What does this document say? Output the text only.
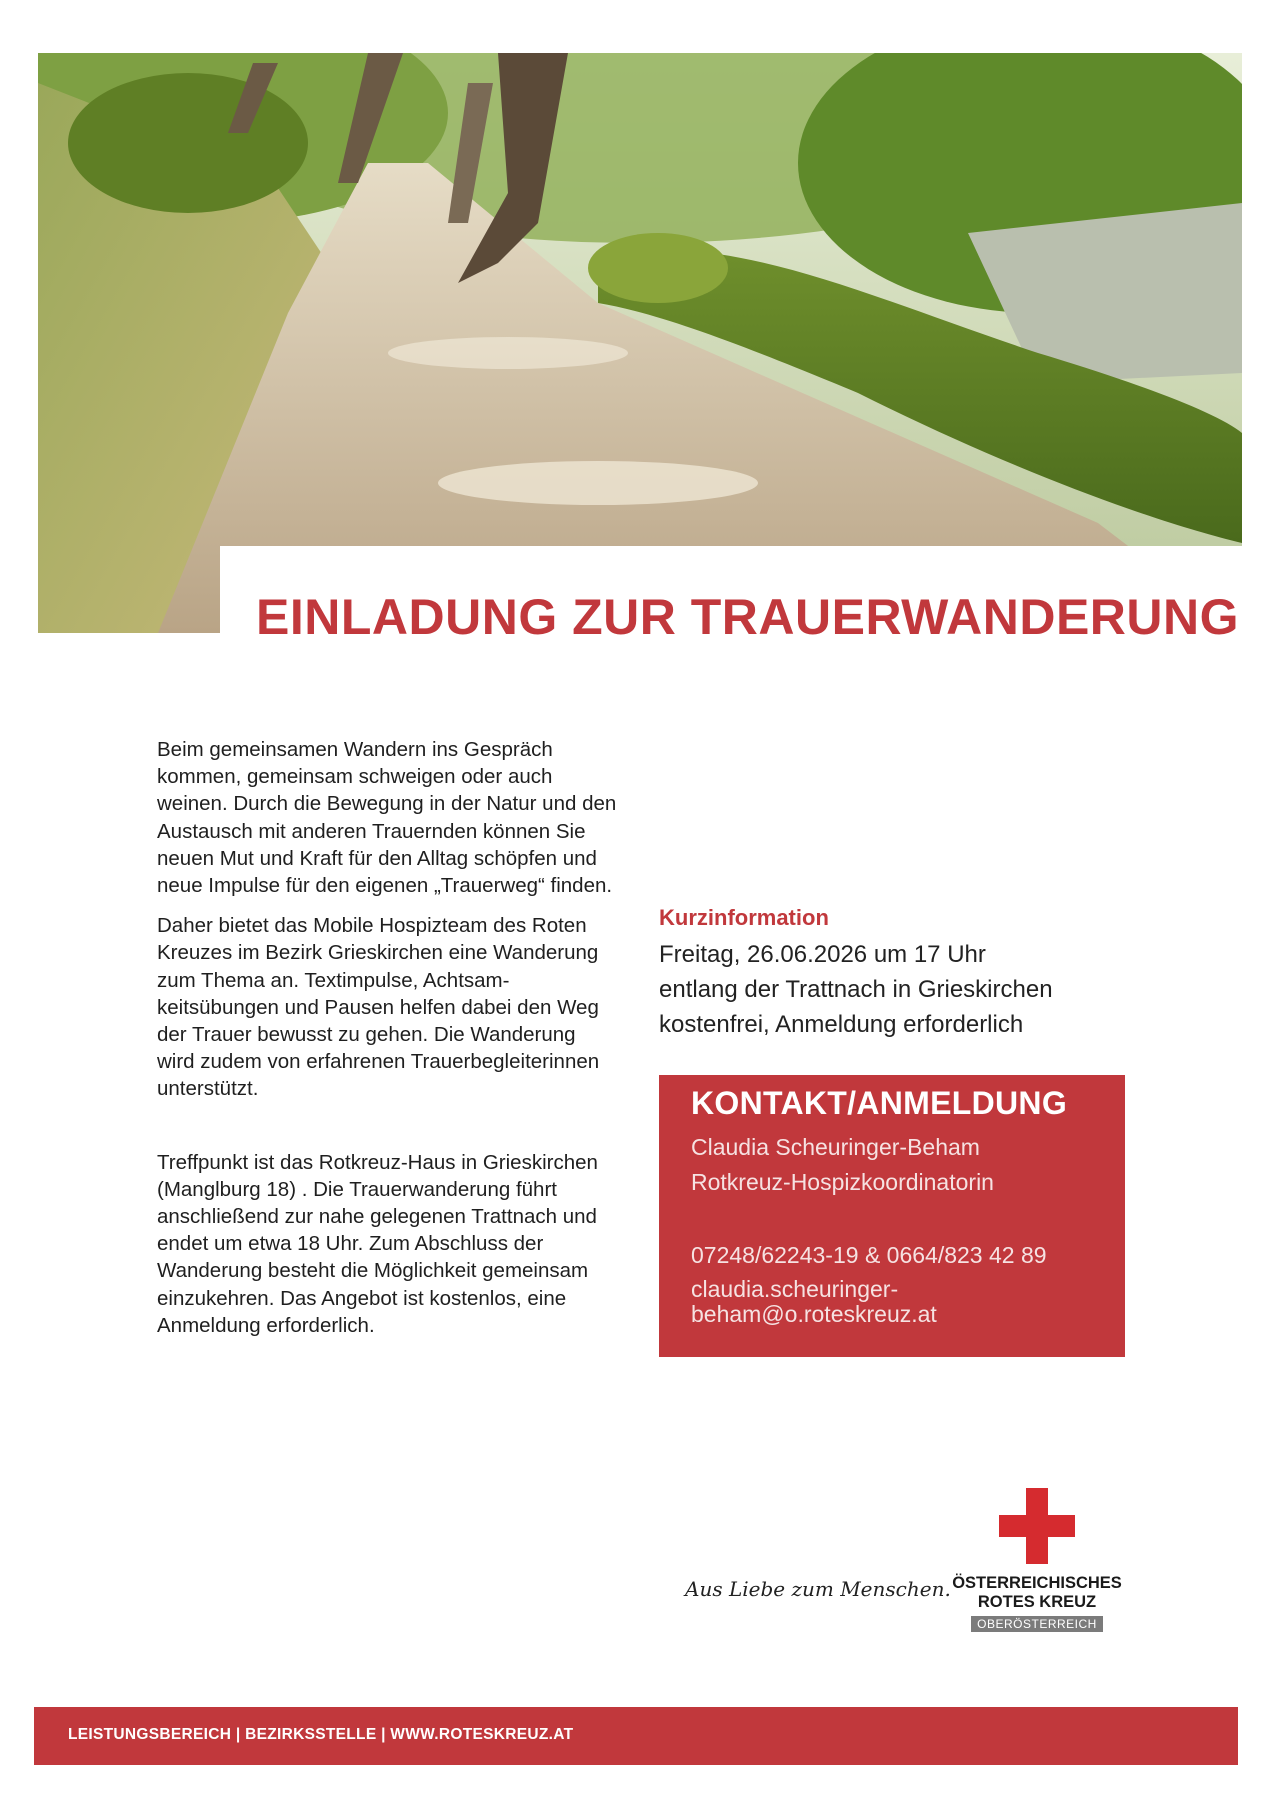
EINLADUNG ZUR TRAUERWANDERUNG

Beim gemeinsamen Wandern ins Gespräch kommen, gemeinsam schweigen oder auch weinen. Durch die Bewegung in der Natur und den Austausch mit anderen Trauernden können Sie neuen Mut und Kraft für den Alltag schöpfen und neue Impulse für den eigenen „Trauerweg“ finden.

Daher bietet das Mobile Hospizteam des Roten Kreuzes im Bezirk Grieskirchen eine Wanderung zum Thema an. Textimpulse, Achtsamkeitsübungen und Pausen helfen dabei den Weg der Trauer bewusst zu gehen. Die Wanderung wird zudem von erfahrenen Trauerbegleiterinnen unterstützt.

Treffpunkt ist das Rotkreuz-Haus in Grieskirchen (Manglburg 18) . Die Trauerwanderung führt anschließend zur nahe gelegenen Trattnach und endet um etwa 18 Uhr. Zum Abschluss der Wanderung besteht die Möglichkeit gemeinsam einzukehren. Das Angebot ist kostenlos, eine Anmeldung erforderlich.

Kurzinformation
Freitag, 26.06.2026 um 17 Uhr
entlang der Trattnach in Grieskirchen
kostenfrei, Anmeldung erforderlich
KONTAKT/ANMELDUNG
Claudia Scheuringer-Beham
Rotkreuz-Hospizkoordinatorin
07248/62243-19 & 0664/823 42 89
claudia.scheuringer-
beham@o.roteskreuz.at
Aus Liebe zum Menschen. ÖSTERREICHISCHES
ROTES KREUZ
OBERÖSTERREICH
LEISTUNGSBEREICH | BEZIRKSSTELLE | WWW.ROTESKREUZ.AT
